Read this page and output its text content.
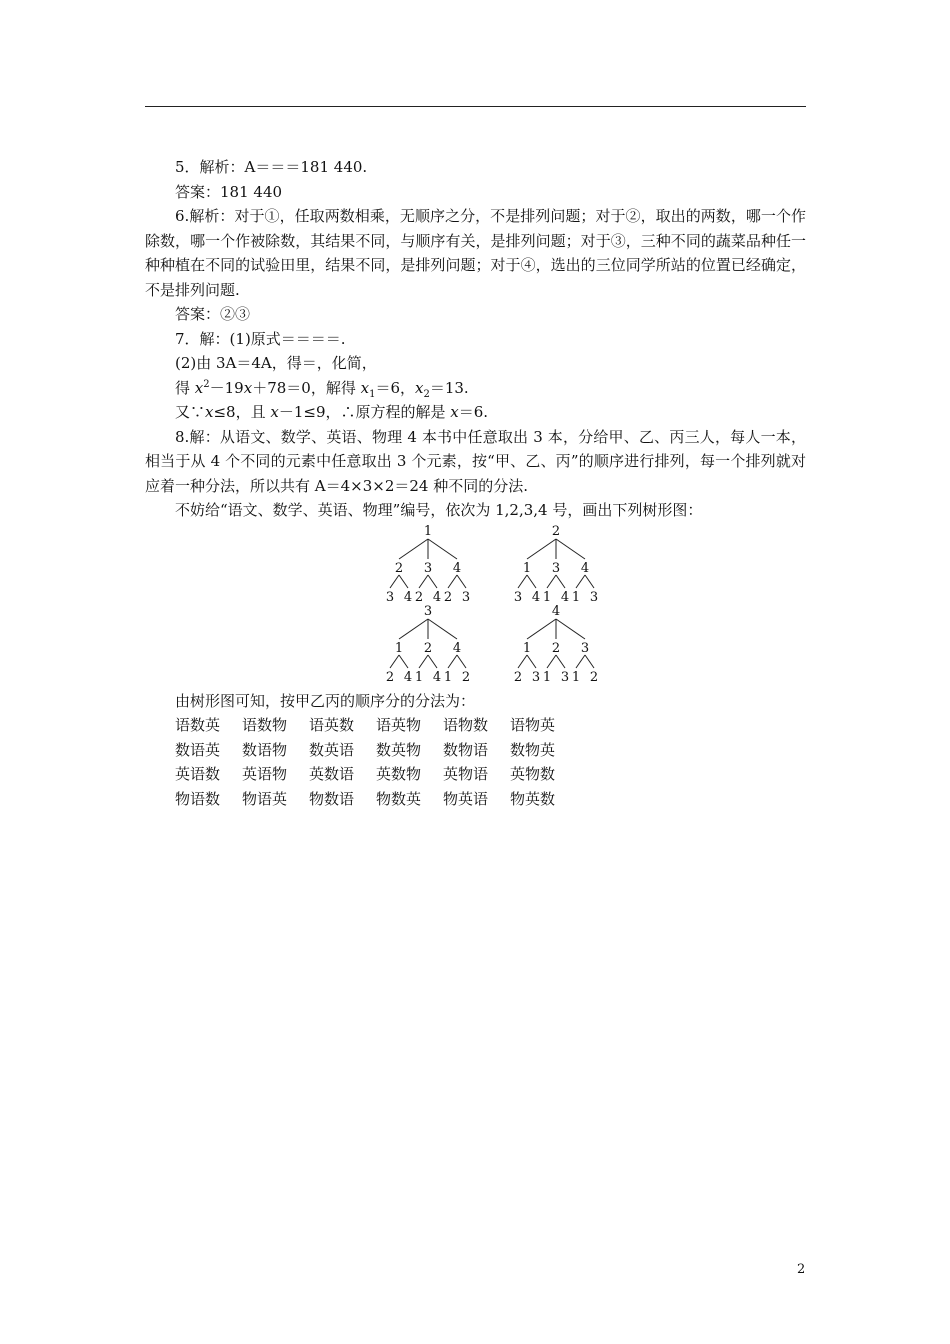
5．解析：A＝＝＝181 440.
答案：181 440
6.解析：对于①，任取两数相乘，无顺序之分，不是排列问题；对于②，取出的两数，哪一个作除数，哪一个作被除数，其结果不同，与顺序有关，是排列问题；对于③，三种不同的蔬菜品种任一种种植在不同的试验田里，结果不同，是排列问题；对于④，选出的三位同学所站的位置已经确定，不是排列问题.
答案：②③
7．解：(1)原式＝＝＝＝.
(2)由 3A＝4A，得＝，化简，
得 $x^2-19x+78=0$，解得 $x_1=6$，$x_2=13$.
又∵x≤8，且 x－1≤9，∴原方程的解是 x＝6.
8.解：从语文、数学、英语、物理 4 本书中任意取出 3 本，分给甲、乙、丙三人，每人一本，相当于从 4 个不同的元素中任意取出 3 个元素，按“甲、乙、丙”的顺序进行排列，每一个排列就对应着一种分法，所以共有 A＝4×3×2＝24 种不同的分法.
不妨给“语文、数学、英语、物理”编号，依次为 1,2,3,4 号，画出下列树形图：
1
2
3 4
3
2 4
4
2 3
2
1
3 4
3
1 4
4
1 3
3
1
2 4
2
1 4
4
1 2
4
1
2 3
2
1 3
3
1 2
由树形图可知，按甲乙丙的顺序分的分法为：
语数英	语数物	语英数	语英物	语物数	语物英
数语英	数语物	数英语	数英物	数物语	数物英
英语数	英语物	英数语	英数物	英物语	英物数
物语数	物语英	物数语	物数英	物英语	物英数
2
